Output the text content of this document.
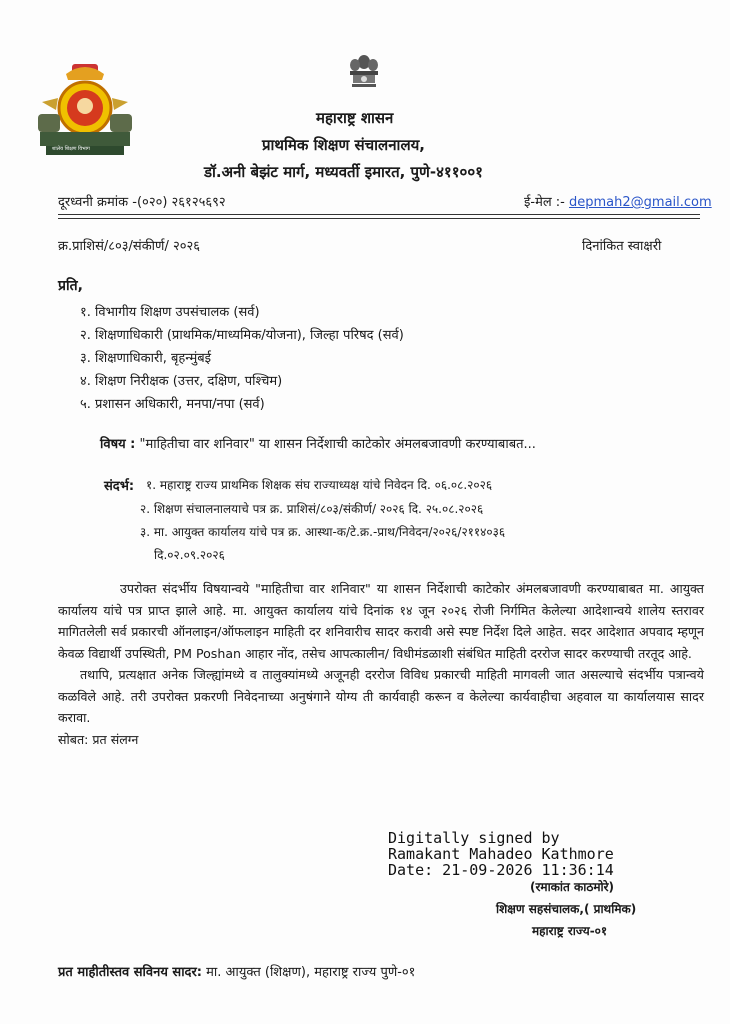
शालेय शिक्षण विभाग
महाराष्ट्र शासन
प्राथमिक शिक्षण संचालनालय,
डॉ.अनी बेझंट मार्ग, मध्यवर्ती इमारत, पुणे-४११००१
दूरध्वनी क्रमांक -(०२०) २६१२५६९२	ई-मेल :- depmah2@gmail.com
क्र.प्राशिसं/८०३/संकीर्ण/ २०२६	दिनांकित स्वाक्षरी
प्रति,
१. विभागीय शिक्षण उपसंचालक (सर्व)
२. शिक्षणाधिकारी (प्राथमिक/माध्यमिक/योजना), जिल्हा परिषद (सर्व)
३. शिक्षणाधिकारी, बृहन्मुंबई
४. शिक्षण निरीक्षक (उत्तर, दक्षिण, पश्चिम)
५. प्रशासन अधिकारी, मनपा/नपा (सर्व)
विषय : "माहितीचा वार शनिवार" या शासन निर्देशाची काटेकोर अंमलबजावणी करण्याबाबत...
संदर्भ: १. महाराष्ट्र राज्य प्राथमिक शिक्षक संघ राज्याध्यक्ष यांचे निवेदन दि. ०६.०८.२०२६
२. शिक्षण संचालनालयाचे पत्र क्र. प्राशिसं/८०३/संकीर्ण/ २०२६ दि. २५.०८.२०२६
३. मा. आयुक्त कार्यालय यांचे पत्र क्र. आस्था-क/टे.क्र.-प्राथ/निवेदन/२०२६/२११४०३६
दि.०२.०९.२०२६

उपरोक्त संदर्भीय विषयान्वये "माहितीचा वार शनिवार" या शासन निर्देशाची काटेकोर अंमलबजावणी करण्याबाबत मा. आयुक्त कार्यालय यांचे पत्र प्राप्त झाले आहे. मा. आयुक्त कार्यालय यांचे दिनांक १४ जून २०२६ रोजी निर्गमित केलेल्या आदेशान्वये शालेय स्तरावर मागितलेली सर्व प्रकारची ऑनलाइन/ऑफलाइन माहिती दर शनिवारीच सादर करावी असे स्पष्ट निर्देश दिले आहेत. सदर आदेशात अपवाद म्हणून केवळ विद्यार्थी उपस्थिती, PM Poshan आहार नोंद, तसेच आपत्कालीन/ विधीमंडळाशी संबंधित माहिती दररोज सादर करण्याची तरतूद आहे.

तथापि, प्रत्यक्षात अनेक जिल्ह्यांमध्ये व तालुक्यांमध्ये अजूनही दररोज विविध प्रकारची माहिती मागवली जात असल्याचे संदर्भीय पत्रान्वये कळविले आहे. तरी उपरोक्त प्रकरणी निवेदनाच्या अनुषंगाने योग्य ती कार्यवाही करून व केलेल्या कार्यवाहीचा अहवाल या कार्यालयास सादर करावा.

सोबत: प्रत संलग्न
Digitally signed by
Ramakant Mahadeo Kathmore
Date: 21-09-2026 11:36:14
(रमाकांत काठमोरे)
शिक्षण सहसंचालक,( प्राथमिक)
महाराष्ट्र राज्य-०१
प्रत माहीतीस्तव सविनय सादर: मा. आयुक्त (शिक्षण), महाराष्ट्र राज्य पुणे-०१
